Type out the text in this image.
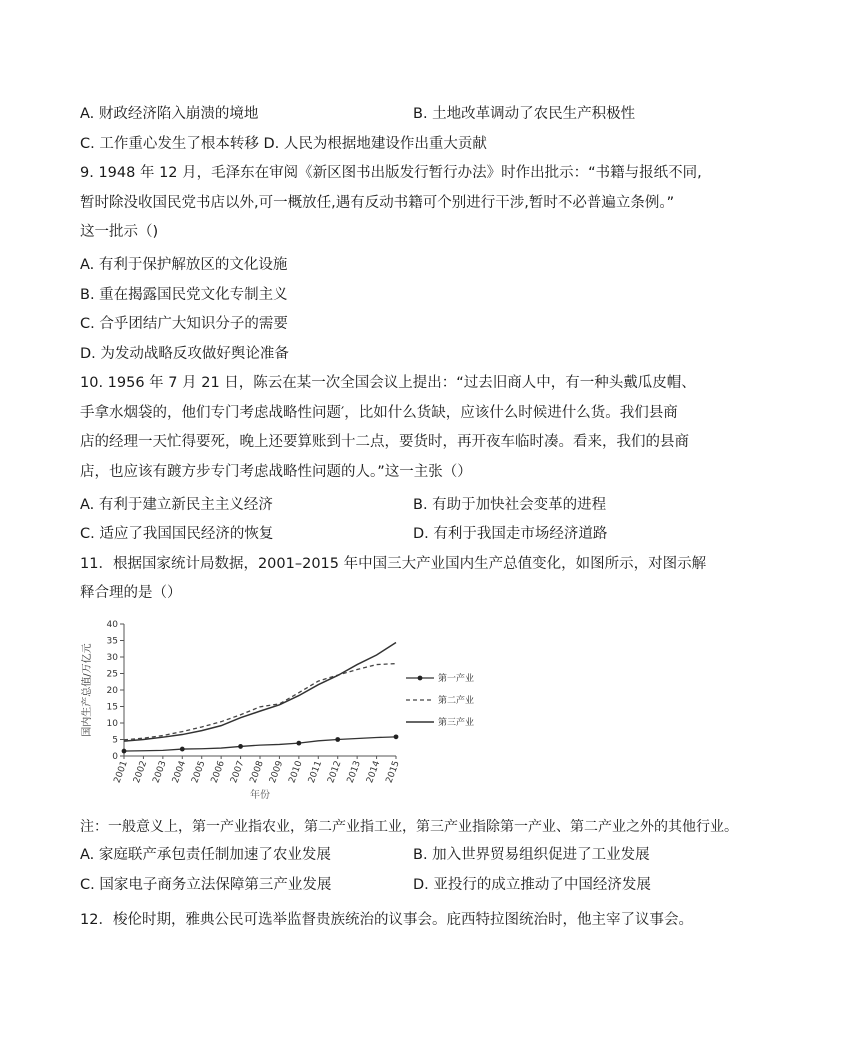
A. 财政经济陷入崩溃的境地	B. 土地改革调动了农民生产积极性
C. 工作重心发生了根本转移 D. 人民为根据地建设作出重大贡献
9. 1948 年 12 月，毛泽东在审阅《新区图书出版发行暂行办法》时作出批示：“书籍与报纸不同,
暂时除没收国民党书店以外,可一概放任,遇有反动书籍可个别进行干涉,暂时不必普遍立条例。”
这一批示（)
A. 有利于保护解放区的文化设施
B. 重在揭露国民党文化专制主义
C. 合乎团结广大知识分子的需要
D. 为发动战略反攻做好舆论准备
10. 1956 年 7 月 21 日，陈云在某一次全国会议上提出：“过去旧商人中，有一种头戴瓜皮帽、
手拿水烟袋的，他们专门考虑战略性问题′，比如什么货缺，应该什么时候进什么货。我们县商
店的经理一天忙得要死，晚上还要算账到十二点，要货时，再开夜车临时凑。看来，我们的县商
店，也应该有踱方步专门考虑战略性问题的人。”这一主张（）
A. 有利于建立新民主主义经济	B. 有助于加快社会变革的进程
C. 适应了我国国民经济的恢复	D. 有利于我国走市场经济道路
11．根据国家统计局数据，2001–2015 年中国三大产业国内生产总值变化，如图所示，对图示解
释合理的是（）
0
5
10
15
20
25
30
35
40
2001 2002 2003 2004 2005 2006 2007 2008 2009 2010 2011 2012 2013 2014 2015
国内生产总值/万亿元
年份
第一产业
第二产业
第三产业
注：一般意义上，第一产业指农业，第二产业指工业，第三产业指除第一产业、第二产业之外的其他行业。
A. 家庭联产承包责任制加速了农业发展	B. 加入世界贸易组织促进了工业发展
C. 国家电子商务立法保障第三产业发展	D. 亚投行的成立推动了中国经济发展
12．梭伦时期，雅典公民可选举监督贵族统治的议事会。庇西特拉图统治时，他主宰了议事会。
